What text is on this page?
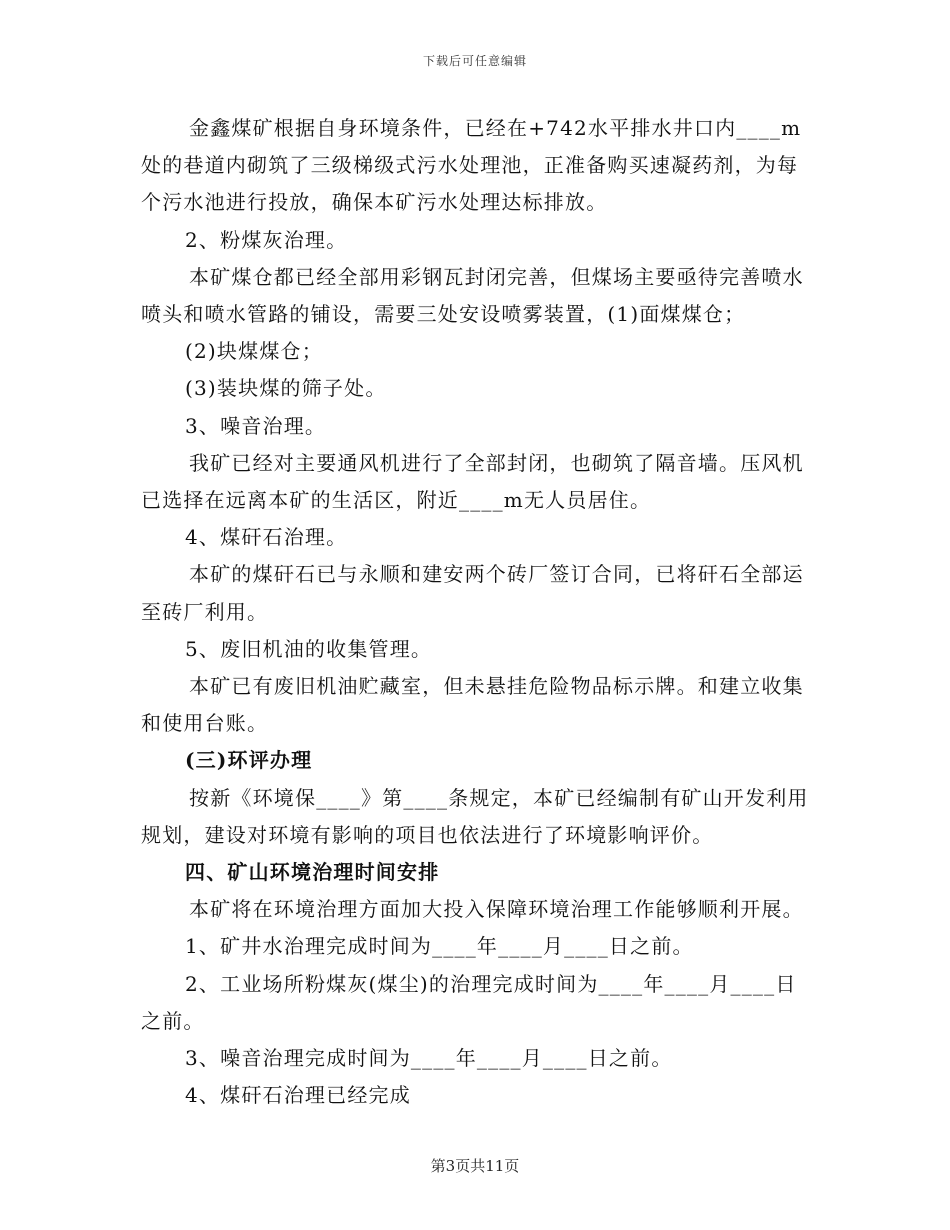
下载后可任意编辑

金鑫煤矿根据自身环境条件，已经在+742水平排水井口内____m处的巷道内砌筑了三级梯级式污水处理池，正准备购买速凝药剂，为每个污水池进行投放，确保本矿污水处理达标排放。

2、粉煤灰治理。

本矿煤仓都已经全部用彩钢瓦封闭完善，但煤场主要亟待完善喷水喷头和喷水管路的铺设，需要三处安设喷雾装置，(1)面煤煤仓；

(2)块煤煤仓；

(3)装块煤的筛子处。

3、噪音治理。

我矿已经对主要通风机进行了全部封闭，也砌筑了隔音墙。压风机已选择在远离本矿的生活区，附近____m无人员居住。

4、煤矸石治理。

本矿的煤矸石已与永顺和建安两个砖厂签订合同，已将矸石全部运至砖厂利用。

5、废旧机油的收集管理。

本矿已有废旧机油贮藏室，但未悬挂危险物品标示牌。和建立收集和使用台账。

(三)环评办理

按新《环境保____》第____条规定，本矿已经编制有矿山开发利用规划，建设对环境有影响的项目也依法进行了环境影响评价。

四、矿山环境治理时间安排

本矿将在环境治理方面加大投入保障环境治理工作能够顺利开展。

1、矿井水治理完成时间为____年____月____日之前。

2、工业场所粉煤灰(煤尘)的治理完成时间为____年____月____日之前。

3、噪音治理完成时间为____年____月____日之前。

4、煤矸石治理已经完成

第3页共11页
